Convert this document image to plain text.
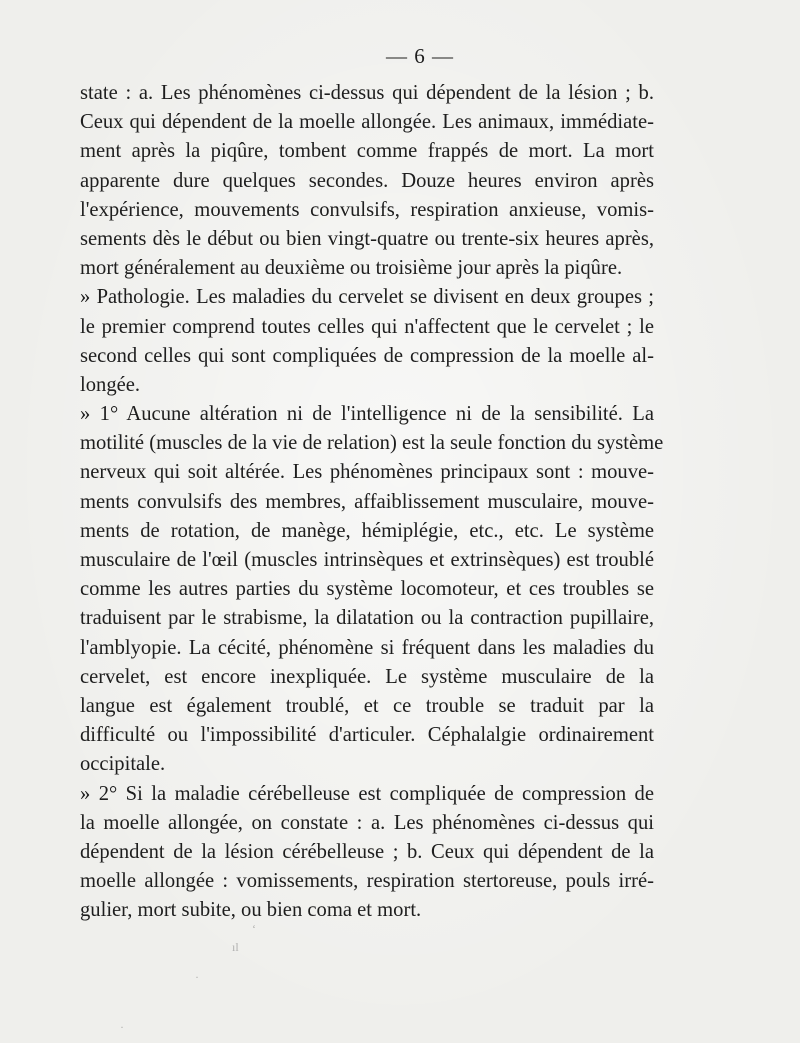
— 6 —
state : a. Les phénomènes ci-dessus qui dépendent de la lésion ; b.
Ceux qui dépendent de la moelle allongée. Les animaux, immédiate-
ment après la piqûre, tombent comme frappés de mort. La mort
apparente dure quelques secondes. Douze heures environ après
l'expérience, mouvements convulsifs, respiration anxieuse, vomis-
sements dès le début ou bien vingt-quatre ou trente-six heures après,
mort généralement au deuxième ou troisième jour après la piqûre.
» Pathologie. Les maladies du cervelet se divisent en deux groupes ;
le premier comprend toutes celles qui n'affectent que le cervelet ; le
second celles qui sont compliquées de compression de la moelle al-
longée.
» 1° Aucune altération ni de l'intelligence ni de la sensibilité. La
motilité (muscles de la vie de relation) est la seule fonction du système
nerveux qui soit altérée. Les phénomènes principaux sont : mouve-
ments convulsifs des membres, affaiblissement musculaire, mouve-
ments de rotation, de manège, hémiplégie, etc., etc. Le système
musculaire de l'œil (muscles intrinsèques et extrinsèques) est troublé
comme les autres parties du système locomoteur, et ces troubles se
traduisent par le strabisme, la dilatation ou la contraction pupillaire,
l'amblyopie. La cécité, phénomène si fréquent dans les maladies du
cervelet, est encore inexpliquée. Le système musculaire de la
langue est également troublé, et ce trouble se traduit par la
difficulté ou l'impossibilité d'articuler. Céphalalgie ordinairement
occipitale.
» 2° Si la maladie cérébelleuse est compliquée de compression de
la moelle allongée, on constate : a. Les phénomènes ci-dessus qui
dépendent de la lésion cérébelleuse ; b. Ceux qui dépendent de la
moelle allongée : vomissements, respiration stertoreuse, pouls irré-
gulier, mort subite, ou bien coma et mort.
ıl
ʻ
·
·
